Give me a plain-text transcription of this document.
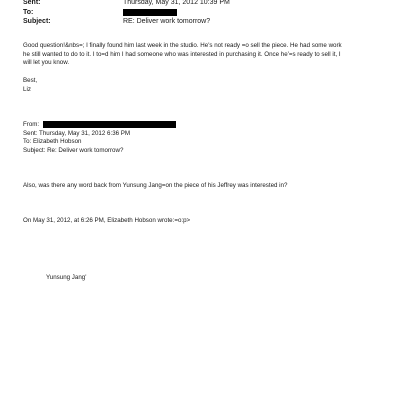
Sent:	Thursday, May 31, 2012 10:39 PM
To:
Subject:	RE: Deliver work tomorrow?
Good question!&nbs=; I finally found him last week in the studio. He's not ready =o sell the piece. He had some work
he still wanted to do to it. I to=d him I had someone who was interested in purchasing it. Once he'=s ready to sell it, I
will let you know.
Best,
Liz
From:
Sent: Thursday, May 31, 2012 6:36 PM
To: Elizabeth Hobson
Subject: Re: Deliver work tomorrow?
Also, was there any word back from Yunsung Jang=on the piece of his Jeffrey was interested in?
On May 31, 2012, at 6:26 PM, Elizabeth Hobson wrote:=o:p>
Yunsung Jang'
